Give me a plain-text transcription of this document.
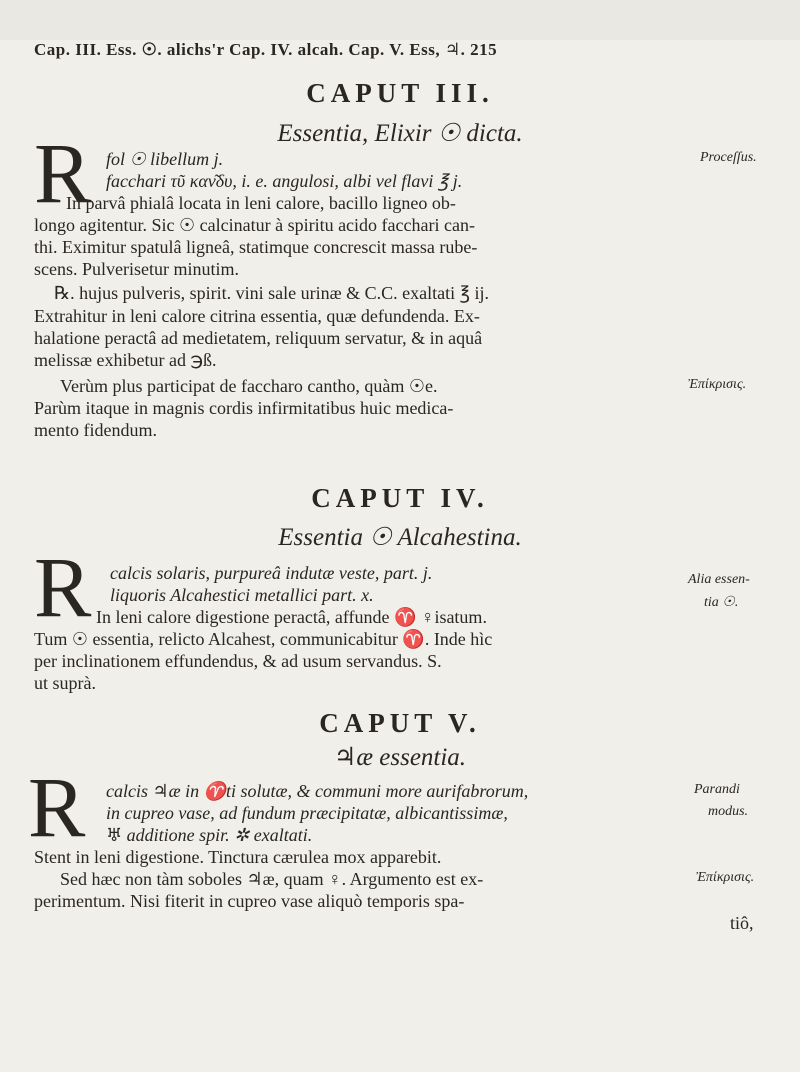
Cap. III. Ess. ☉. alichs'r Cap. IV. alcah. Cap. V. Ess, ♃. 215
CAPUT III.
Essentia, Elixir ☉ dicta.
R fol ☉ libellum j.
facchari τῦ καν͂δυ, i. e. angulosi, albi vel flavi ℥ j.
In parvâ phialâ locata in leni calore, bacillo ligneo ob-
longo agitentur. Sic ☉ calcinatur à spiritu acido facchari can-
thi. Eximitur spatulâ ligneâ, statimque concrescit massa rube-
scens. Pulverisetur minutim.
℞. hujus pulveris, spirit. vini sale urinæ & C.C. exaltati ℥ ij.
Extrahitur in leni calore citrina essentia, quæ defundenda. Ex-
halatione peractâ ad medietatem, reliquum servatur, & in aquâ
melissæ exhibetur ad ℈ß.
Verùm plus participat de faccharo cantho, quàm ☉e.
Parùm itaque in magnis cordis infirmitatibus huic medica-
mento fidendum.
Proceſſus.
Ἐπίκρισις.
CAPUT IV.
Essentia ☉ Alcahestina.
R calcis solaris, purpureâ indutæ veste, part. j.
liquoris Alcahestici metallici part. x.
In leni calore digestione peractâ, affunde ♈ ♀isatum.
Tum ☉ essentia, relicto Alcahest, communicabitur ♈. Inde hìc
per inclinationem effundendus, & ad usum servandus. S.
ut suprà.
Alia essen-
tia ☉.
CAPUT V.
♃æ essentia.
R calcis ♃æ in ♈ti solutæ, & communi more aurifabrorum,
in cupreo vase, ad fundum præcipitatæ, albicantissimæ,
♅ additione spir. ✲ exaltati.
Stent in leni digestione. Tinctura cærulea mox apparebit.
Sed hæc non tàm soboles ♃æ, quam ♀. Argumento est ex-
perimentum. Nisi fiterit in cupreo vase aliquò temporis spa-
tiô,
Parandi
modus.
Ἐπίκρισις.
